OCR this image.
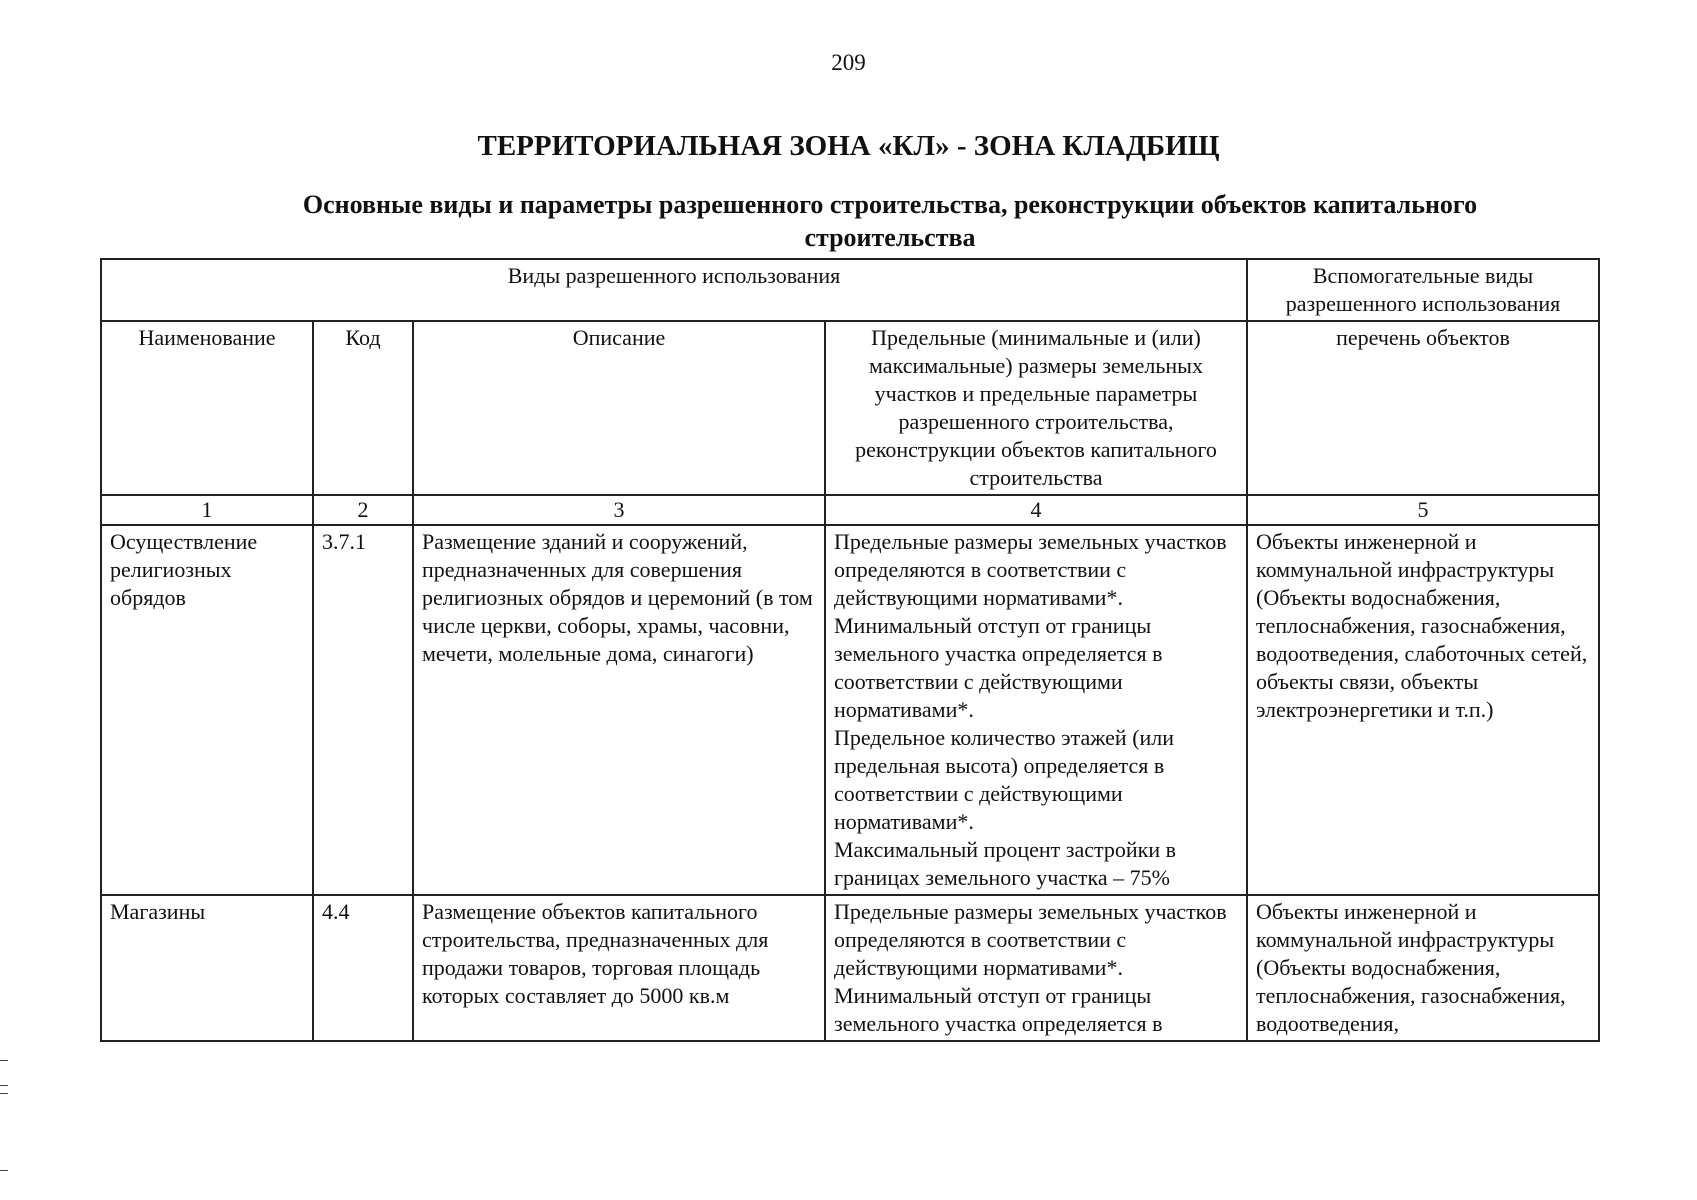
209
ТЕРРИТОРИАЛЬНАЯ ЗОНА «КЛ» - ЗОНА КЛАДБИЩ
Основные виды и параметры разрешенного строительства, реконструкции объектов капитального строительства
Виды разрешенного использования				Вспомогательные виды разрешенного использования
Наименование	Код	Описание	Предельные (минимальные и (или) максимальные) размеры земельных участков и предельные параметры разрешенного строительства, реконструкции объектов капитального строительства	перечень объектов
1	2	3	4	5
Осуществление религиозных обрядов	3.7.1	Размещение зданий и сооружений, предназначенных для совершения религиозных обрядов и церемоний (в том числе церкви, соборы, храмы, часовни, мечети, молельные дома, синагоги)	Предельные размеры земельных участков определяются в соответствии с действующими нормативами*.
Минимальный отступ от границы земельного участка определяется в соответствии с действующими нормативами*.
Предельное количество этажей (или предельная высота) определяется в соответствии с действующими нормативами*.
Максимальный процент застройки в границах земельного участка – 75%	Объекты инженерной и коммунальной инфраструктуры (Объекты водоснабжения, теплоснабжения, газоснабжения, водоотведения, слаботочных сетей, объекты связи, объекты электроэнергетики и т.п.)
Магазины	4.4	Размещение объектов капитального строительства, предназначенных для продажи товаров, торговая площадь которых составляет до 5000 кв.м	Предельные размеры земельных участков определяются в соответствии с действующими нормативами*.
Минимальный отступ от границы земельного участка определяется в	Объекты инженерной и коммунальной инфраструктуры (Объекты водоснабжения, теплоснабжения, газоснабжения, водоотведения,
